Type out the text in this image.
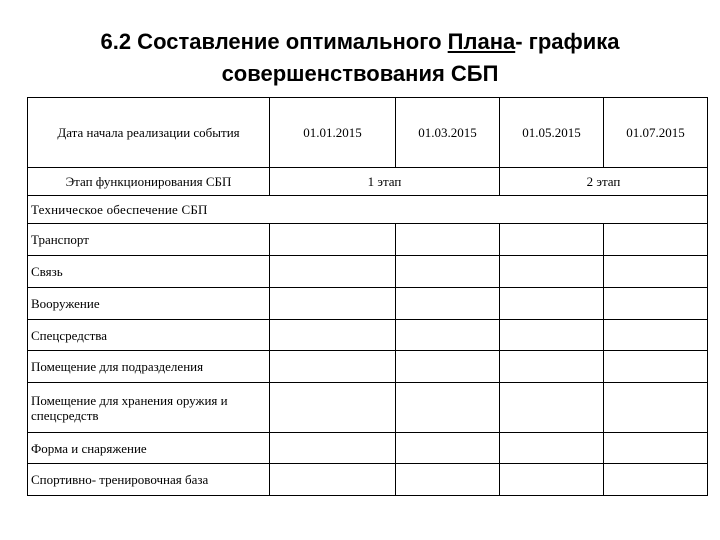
6.2 Составление оптимального Плана- графика
совершенствования СБП
Дата начала реализации события	01.01.2015	01.03.2015	01.05.2015	01.07.2015
Этап функционирования СБП	1 этап		2 этап	
Техническое обеспечение СБП				
Транспорт				
Связь				
Вооружение				
Спецсредства				
Помещение для подразделения				
Помещение для хранения оружия и спецсредств				
Форма и снаряжение				
Спортивно- тренировочная база				
